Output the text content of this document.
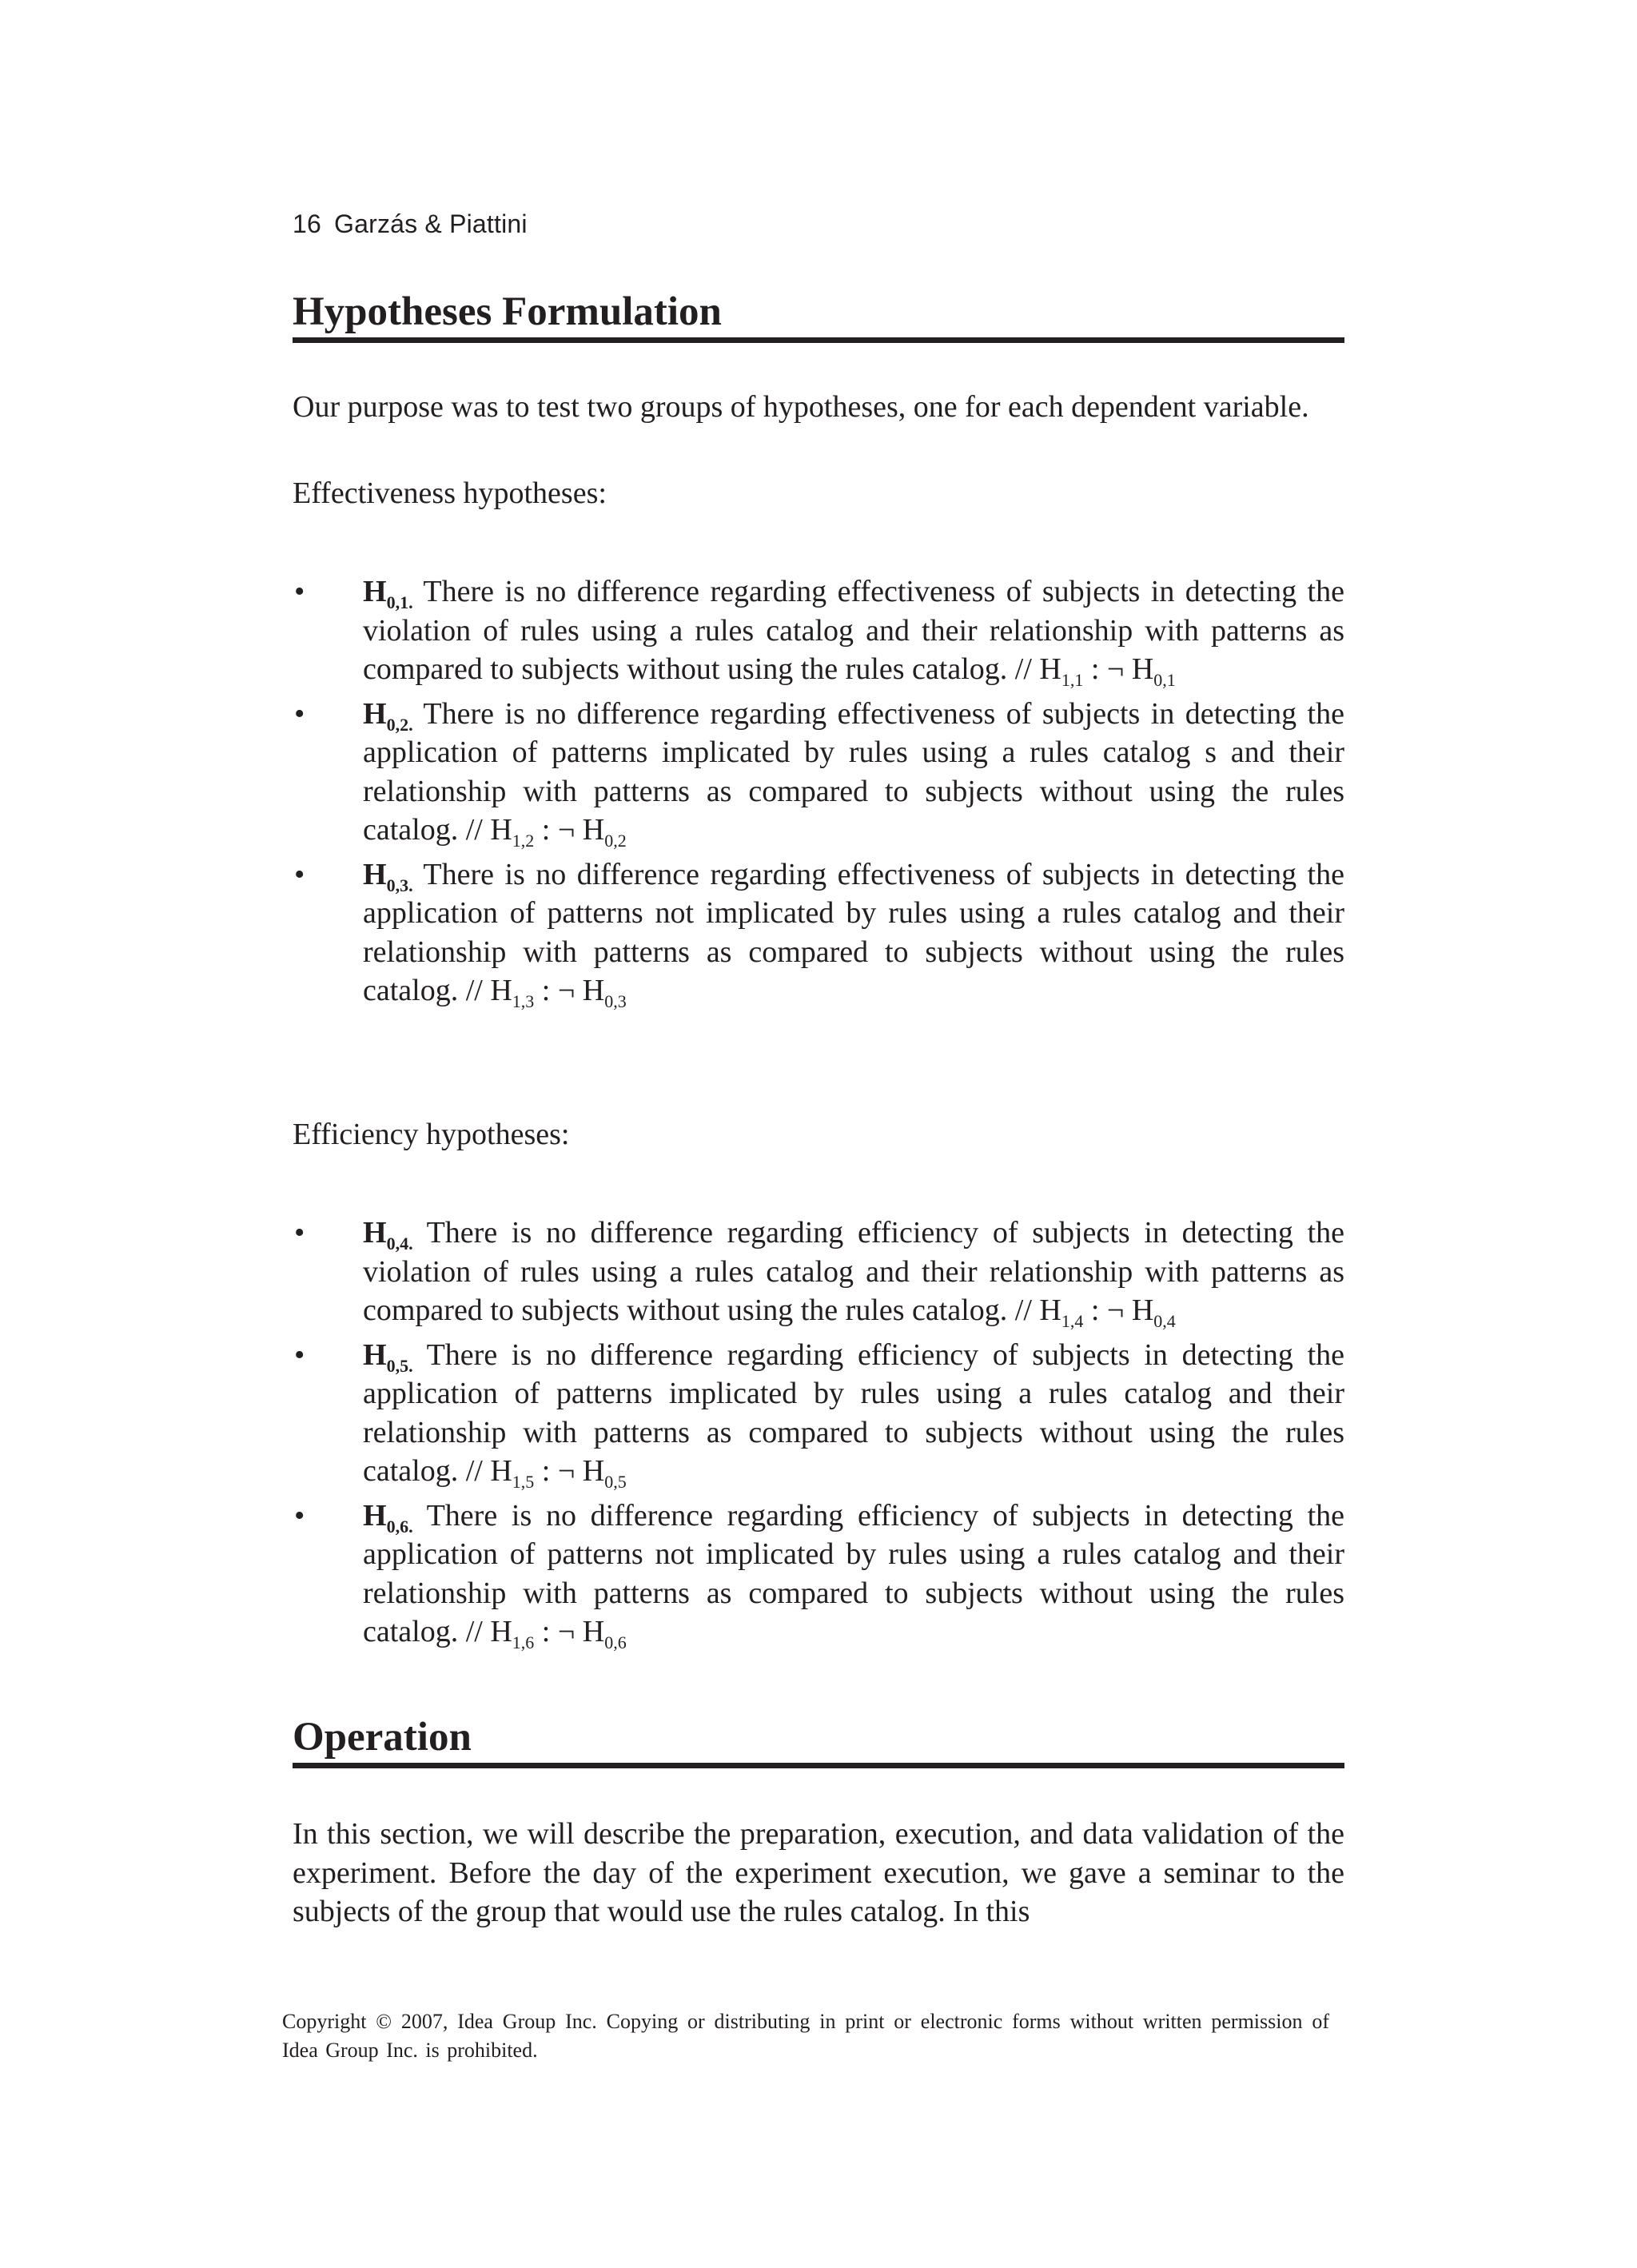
16 Garzás & Piattini
Hypotheses Formulation

Our purpose was to test two groups of hypotheses, one for each dependent variable.

Effectiveness hypotheses:

• $H_{0,1.}$ There is no difference regarding effectiveness of subjects in detecting the violation of rules using a rules catalog and their relationship with patterns as compared to subjects without using the rules catalog. // $H_{1,1}$ : ¬ $H_{0,1}$
• $H_{0,2.}$ There is no difference regarding effectiveness of subjects in detecting the application of patterns implicated by rules using a rules catalog s and their relationship with patterns as compared to subjects without using the rules catalog. // $H_{1,2}$ : ¬ $H_{0,2}$
• $H_{0,3.}$ There is no difference regarding effectiveness of subjects in detecting the application of patterns not implicated by rules using a rules catalog and their relationship with patterns as compared to subjects without using the rules catalog. // $H_{1,3}$ : ¬ $H_{0,3}$

Efficiency hypotheses:

• $H_{0,4.}$ There is no difference regarding efficiency of subjects in detecting the violation of rules using a rules catalog and their relationship with patterns as compared to subjects without using the rules catalog. // $H_{1,4}$ : ¬ $H_{0,4}$
• $H_{0,5.}$ There is no difference regarding efficiency of subjects in detecting the application of patterns implicated by rules using a rules catalog and their relationship with patterns as compared to subjects without using the rules catalog. // $H_{1,5}$ : ¬ $H_{0,5}$
• $H_{0,6.}$ There is no difference regarding efficiency of subjects in detecting the application of patterns not implicated by rules using a rules catalog and their relationship with patterns as compared to subjects without using the rules catalog. // $H_{1,6}$ : ¬ $H_{0,6}$
Operation

In this section, we will describe the preparation, execution, and data validation of the experiment. Before the day of the experiment execution, we gave a seminar to the subjects of the group that would use the rules catalog. In this

Copyright © 2007, Idea Group Inc. Copying or distributing in print or electronic forms without written permission of Idea Group Inc. is prohibited.
